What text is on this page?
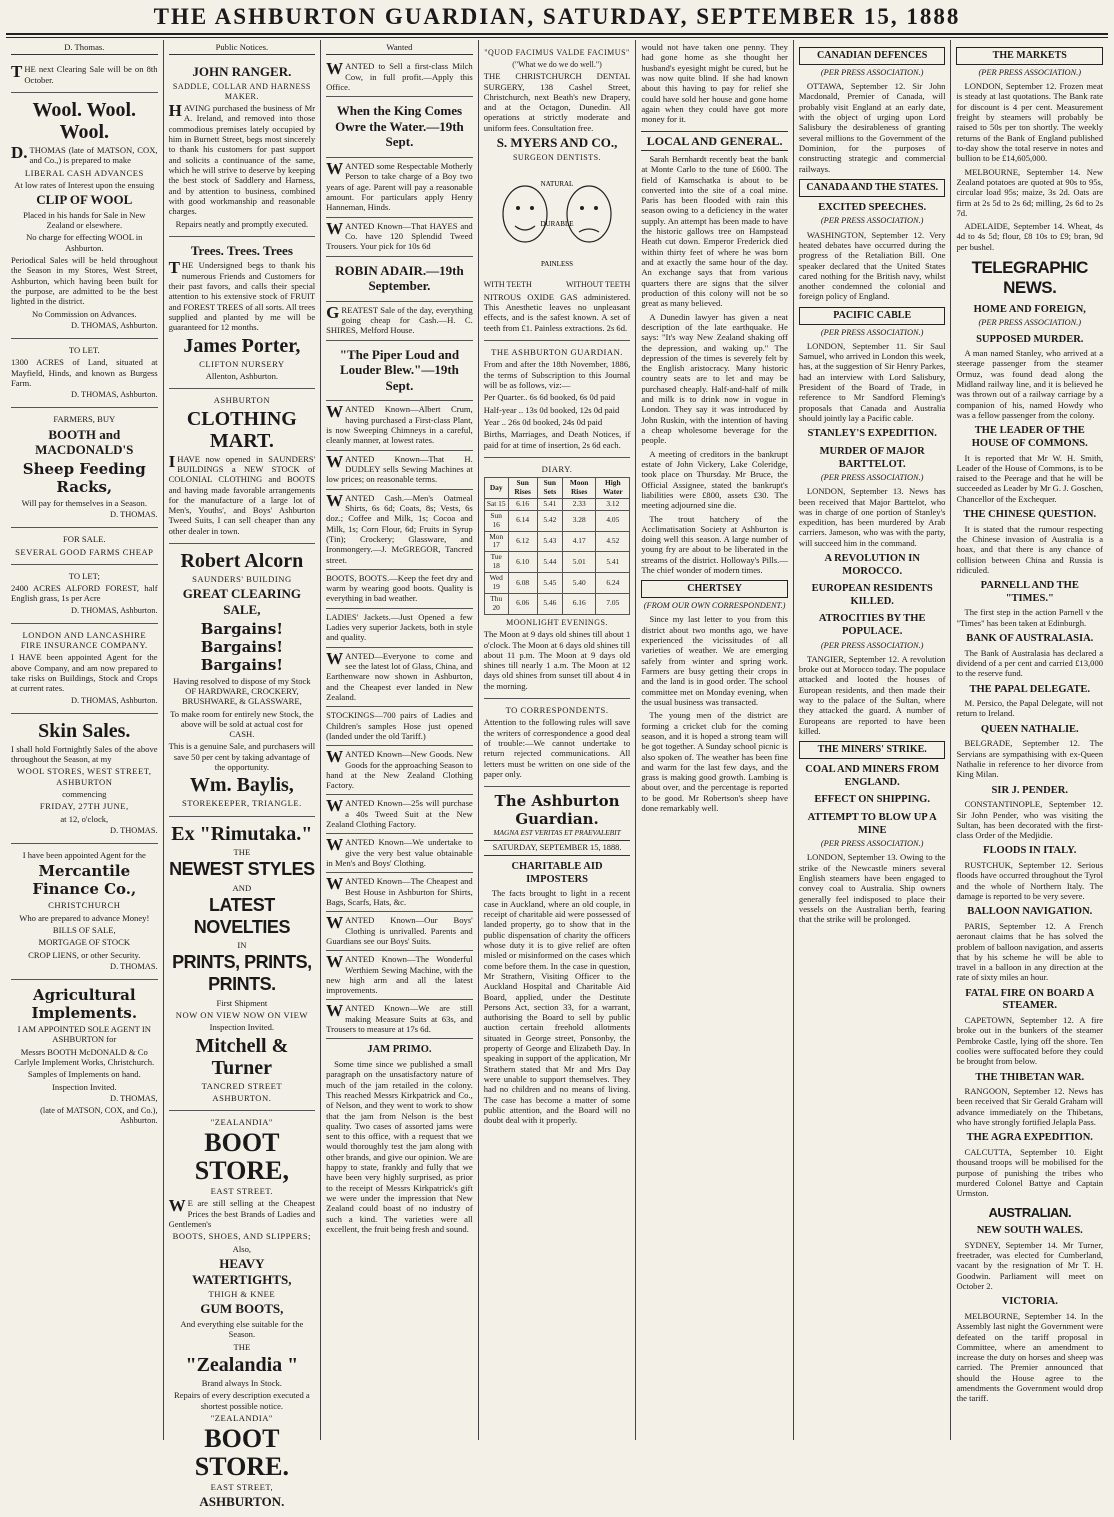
THE ASHBURTON GUARDIAN, SATURDAY, SEPTEMBER 15, 1888
D. Thomas.

THE next Clearing Sale will be on 8th October.

Wool. Wool. Wool.

D.THOMAS (late of MATSON, COX, and Co.,) is prepared to make

LIBERAL CASH ADVANCES

At low rates of Interest upon the ensuing

CLIP OF WOOL

Placed in his hands for Sale in New Zealand or elsewhere.

No charge for effecting WOOL in Ashburton.

Periodical Sales will be held throughout the Season in my Stores, West Street, Ashburton, which having been built for the purpose, are admitted to be the best lighted in the district.

No Commission on Advances.

D. THOMAS, Ashburton.

TO LET.

1300 ACRES of Land, situated at Mayfield, Hinds, and known as Burgess Farm.

D. THOMAS, Ashburton.

FARMERS, BUY

BOOTH and MACDONALD'S

Sheep Feeding Racks,

Will pay for themselves in a Season.

D. THOMAS.

FOR SALE.

SEVERAL GOOD FARMS CHEAP

TO LET;

2400 ACRES ALFORD FOREST, half English grass, 1s per Acre

D. THOMAS, Ashburton.

LONDON AND LANCASHIRE FIRE INSURANCE COMPANY.

I HAVE been appointed Agent for the above Company, and am now prepared to take risks on Buildings, Stock and Crops at current rates.

D. THOMAS, Ashburton.

Skin Sales.

I shall hold Fortnightly Sales of the above throughout the Season, at my

WOOL STORES, WEST STREET, ASHBURTON

commencing

FRIDAY, 27TH JUNE,

at 12, o'clock,

D. THOMAS.

I have been appointed Agent for the

Mercantile Finance Co.,

CHRISTCHURCH

Who are prepared to advance Money!

BILLS OF SALE,

MORTGAGE OF STOCK

CROP LIENS, or other Security.

D. THOMAS.

Agricultural Implements.

I AM APPOINTED SOLE AGENT IN ASHBURTON for

Messrs BOOTH McDONALD & Co Carlyle Implement Works, Christchurch.

Samples of Implements on hand.

Inspection Invited.

D. THOMAS,

(late of MATSON, COX, and Co.), Ashburton.

Public Notices.

JOHN RANGER.

SADDLE, COLLAR AND HARNESS MAKER.

HAVING purchased the business of Mr A. Ireland, and removed into those commodious premises lately occupied by him in Burnett Street, begs most sincerely to thank his customers for past support and solicits a continuance of the same, which he will strive to deserve by keeping the best stock of Saddlery and Harness, and by attention to business, combined with good workmanship and reasonable charges.

Repairs neatly and promptly executed.

Trees. Trees. Trees

THE Undersigned begs to thank his numerous Friends and Customers for their past favors, and calls their special attention to his extensive stock of FRUIT and FOREST TREES of all sorts. All trees supplied and planted by me will be guaranteed for 12 months.

James Porter,

CLIFTON NURSERY

Allenton, Ashburton.

ASHBURTON

CLOTHING MART.

IHAVE now opened in SAUNDERS' BUILDINGS a NEW STOCK of COLONIAL CLOTHING and BOOTS and having made favorable arrangements for the manufacture of a large lot of Men's, Youths', and Boys' Ashburton Tweed Suits, I can sell cheaper than any other dealer in town.

Robert Alcorn

SAUNDERS' BUILDING

GREAT CLEARING SALE,

Bargains! Bargains! Bargains!

Having resolved to dispose of my Stock OF HARDWARE, CROCKERY, BRUSHWARE, & GLASSWARE,

To make room for entirely new Stock, the above will be sold at actual cost for CASH.

This is a genuine Sale, and purchasers will save 50 per cent by taking advantage of the opportunity.

Wm. Baylis,

STOREKEEPER, TRIANGLE.

Ex "Rimutaka."

THE

NEWEST STYLES

AND

LATEST NOVELTIES

IN

PRINTS, PRINTS, PRINTS.

First Shipment

NOW ON VIEW NOW ON VIEW

Inspection Invited.

Mitchell & Turner

TANCRED STREET

ASHBURTON.

"ZEALANDIA"

BOOT STORE,

EAST STREET.

WE are still selling at the Cheapest Prices the best Brands of Ladies and Gentlemen's

BOOTS, SHOES, AND SLIPPERS;

Also,

HEAVY WATERTIGHTS,

THIGH & KNEE

GUM BOOTS,

And everything else suitable for the Season.

THE

"Zealandia "

Brand always In Stock.

Repairs of every description executed a shortest possible notice.

"ZEALANDIA"

BOOT STORE.

EAST STREET,

ASHBURTON.

Wanted

WANTED to Sell a first-class Milch Cow, in full profit.—Apply this Office.

When the King Comes Owre the Water.—19th Sept.

WANTED some Respectable Motherly Person to take charge of a Boy two years of age. Parent will pay a reasonable amount. For particulars apply Henry Hanneman, Hinds.

WANTED Known—That HAYES and Co. have 120 Splendid Tweed Trousers. Your pick for 10s 6d

ROBIN ADAIR.—19th September.

GREATEST Sale of the day, everything going cheap for Cash.—H. C. SHIRES, Melford House.

"The Piper Loud and Louder Blew."—19th Sept.

WANTED Known—Albert Crum, having purchased a First-class Plant, is now Sweeping Chimneys in a careful, cleanly manner, at lowest rates.

WANTED Known—That H. DUDLEY sells Sewing Machines at low prices; on reasonable terms.

WANTED Cash.—Men's Oatmeal Shirts, 6s 6d; Coats, 8s; Vests, 6s doz.; Coffee and Milk, 1s; Cocoa and Milk, 1s; Corn Flour, 6d; Fruits in Syrup (Tin); Crockery; Glassware, and Ironmongery.—J. McGREGOR, Tancred street.

BOOTS, BOOTS.—Keep the feet dry and warm by wearing good boots. Quality is everything in bad weather.

LADIES' Jackets.—Just Opened a few Ladies very superior Jackets, both in style and quality.

WANTED—Everyone to come and see the latest lot of Glass, China, and Earthenware now shown in Ashburton, and the Cheapest ever landed in New Zealand.

STOCKINGS—700 pairs of Ladies and Children's samples Hose just opened (landed under the old Tariff.)

WANTED Known—New Goods. New Goods for the approaching Season to hand at the New Zealand Clothing Factory.

WANTED Known—25s will purchase a 40s Tweed Suit at the New Zealand Clothing Factory.

WANTED Known—We undertake to give the very best value obtainable in Men's and Boys' Clothing.

WANTED Known—The Cheapest and Best House in Ashburton for Shirts, Bags, Scarfs, Hats, &c.

WANTED Known—Our Boys' Clothing is unrivalled. Parents and Guardians see our Boys' Suits.

WANTED Known—The Wonderful Werthiem Sewing Machine, with the new high arm and all the latest improvements.

WANTED Known—We are still making Measure Suits at 63s, and Trousers to measure at 17s 6d.

JAM PRIMO.

Some time since we published a small paragraph on the unsatisfactory nature of much of the jam retailed in the colony. This reached Messrs Kirkpatrick and Co., of Nelson, and they went to work to show that the jam from Nelson is the best quality. Two cases of assorted jams were sent to this office, with a request that we would thoroughly test the jam along with other brands, and give our opinion. We are happy to state, frankly and fully that we have been very highly surprised, as prior to the receipt of Messrs Kirkpatrick's gift we were under the impression that New Zealand could boast of no industry of such a kind. The varieties were all excellent, the fruit being fresh and sound.

"QUOD FACIMUS VALDE FACIMUS"

("What we do we do well.")

THE CHRISTCHURCH DENTAL SURGERY, 138 Cashel Street, Christchurch, next Beath's new Drapery, and at the Octagon, Dunedin. All operations at strictly moderate and uniform fees. Consultation free.

S. MYERS AND CO.,

SURGEON DENTISTS.

NATURAL
DURABLE
PAINLESS
WITH TEETH	WITHOUT TEETH

NITROUS OXIDE GAS administered. This Anesthetic leaves no unpleasant effects, and is the safest known. A set of teeth from £1. Painless extractions. 2s 6d.

THE ASHBURTON GUARDIAN.

From and after the 18th November, 1886, the terms of Subscription to this Journal will be as follows, viz:—

Per Quarter.. 6s 6d booked, 6s 0d paid

Half-year .. 13s 0d booked, 12s 0d paid

Year .. 26s 0d booked, 24s 0d paid

Births, Marriages, and Death Notices, if paid for at time of insertion, 2s 6d each.

DIARY.

Day	Sun Rises	Sun Sets	Moon Rises	High Water
Sat 15	6.16	5.41	2.33	3.12
Sun 16	6.14	5.42	3.28	4.05
Mon 17	6.12	5.43	4.17	4.52
Tue 18	6.10	5.44	5.01	5.41
Wed 19	6.08	5.45	5.40	6.24
Thu 20	6.06	5.46	6.16	7.05

MOONLIGHT EVENINGS.

The Moon at 9 days old shines till about 1 o'clock. The Moon at 6 days old shines till about 11 p.m. The Moon at 9 days old shines till nearly 1 a.m. The Moon at 12 days old shines from sunset till about 4 in the morning.

TO CORRESPONDENTS.

Attention to the following rules will save the writers of correspondence a good deal of trouble:—We cannot undertake to return rejected communications. All letters must be written on one side of the paper only.

The Ashburton Guardian.

MAGNA EST VERITAS ET PRAEVALEBIT

SATURDAY, SEPTEMBER 15, 1888.

CHARITABLE AID IMPOSTERS

The facts brought to light in a recent case in Auckland, where an old couple, in receipt of charitable aid were possessed of landed property, go to show that in the public dispensation of charity the officers whose duty it is to give relief are often misled or misinformed on the cases which come before them. In the case in question, Mr Strathern, Visiting Officer to the Auckland Hospital and Charitable Aid Board, applied, under the Destitute Persons Act, section 33, for a warrant, authorising the Board to sell by public auction certain freehold allotments situated in George street, Ponsonby, the property of George and Elizabeth Day. In speaking in support of the application, Mr Strathern stated that Mr and Mrs Day were unable to support themselves. They had no children and no means of living. The case has become a matter of some public attention, and the Board will no doubt deal with it properly.

would not have taken one penny. They had gone home as she thought her husband's eyesight might be cured, but he was now quite blind. If she had known about this having to pay for relief she could have sold her house and gone home again when they could have got more money for it.

LOCAL AND GENERAL.

Sarah Bernhardt recently beat the bank at Monte Carlo to the tune of £600. The field of Kamschatka is about to be converted into the site of a coal mine. Paris has been flooded with rain this season owing to a deficiency in the water supply. An attempt has been made to have the historic gallows tree on Hampstead Heath cut down. Emperor Frederick died within thirty feet of where he was born and at exactly the same hour of the day. An exchange says that from various quarters there are signs that the silver production of this colony will not be so great as many believed.

A Dunedin lawyer has given a neat description of the late earthquake. He says: "It's way New Zealand shaking off the depression, and waking up." The depression of the times is severely felt by the English aristocracy. Many historic country seats are to let and may be purchased cheaply. Half-and-half of milk and milk is to drink now in vogue in London. They say it was introduced by John Ruskin, with the intention of having a cheap wholesome beverage for the people.

A meeting of creditors in the bankrupt estate of John Vickery, Lake Coleridge, took place on Thursday. Mr Bruce, the Official Assignee, stated the bankrupt's liabilities were £800, assets £30. The meeting adjourned sine die.

The trout hatchery of the Acclimatisation Society at Ashburton is doing well this season. A large number of young fry are about to be liberated in the streams of the district. Holloway's Pills.—The chief wonder of modern times.

CHERTSEY

(FROM OUR OWN CORRESPONDENT.)

Since my last letter to you from this district about two months ago, we have experienced the vicissitudes of all varieties of weather. We are emerging safely from winter and spring work. Farmers are busy getting their crops in and the land is in good order. The school committee met on Monday evening, when the usual business was transacted.

The young men of the district are forming a cricket club for the coming season, and it is hoped a strong team will be got together. A Sunday school picnic is also spoken of. The weather has been fine and warm for the last few days, and the grass is making good growth. Lambing is about over, and the percentage is reported to be good. Mr Robertson's sheep have done remarkably well.

CANADIAN DEFENCES

(PER PRESS ASSOCIATION.)

OTTAWA, September 12. Sir John Macdonald, Premier of Canada, will probably visit England at an early date, with the object of urging upon Lord Salisbury the desirableness of granting several millions to the Government of the Dominion, for the purposes of constructing strategic and commercial railways.

CANADA AND THE STATES.

EXCITED SPEECHES.

(PER PRESS ASSOCIATION.)

WASHINGTON, September 12. Very heated debates have occurred during the progress of the Retaliation Bill. One speaker declared that the United States cared nothing for the British navy, whilst another condemned the colonial and foreign policy of England.

PACIFIC CABLE

(PER PRESS ASSOCIATION.)

LONDON, September 11. Sir Saul Samuel, who arrived in London this week, has, at the suggestion of Sir Henry Parkes, had an interview with Lord Salisbury, President of the Board of Trade, in reference to Mr Sandford Fleming's proposals that Canada and Australia should jointly lay a Pacific cable.

STANLEY'S EXPEDITION.

MURDER OF MAJOR BARTTELOT.

(PER PRESS ASSOCIATION.)

LONDON, September 13. News has been received that Major Barttelot, who was in charge of one portion of Stanley's expedition, has been murdered by Arab carriers. Jameson, who was with the party, will succeed him in the command.

A REVOLUTION IN MOROCCO.

EUROPEAN RESIDENTS KILLED.

ATROCITIES BY THE POPULACE.

(PER PRESS ASSOCIATION.)

TANGIER, September 12. A revolution broke out at Morocco today. The populace attacked and looted the houses of European residents, and then made their way to the palace of the Sultan, where they attacked the guard. A number of Europeans are reported to have been killed.

THE MINERS' STRIKE.

COAL AND MINERS FROM ENGLAND.

EFFECT ON SHIPPING.

ATTEMPT TO BLOW UP A MINE

(PER PRESS ASSOCIATION.)

LONDON, September 13. Owing to the strike of the Newcastle miners several English steamers have been engaged to convey coal to Australia. Ship owners generally feel indisposed to place their vessels on the Australian berth, fearing that the strike will be prolonged.

THE MARKETS

(PER PRESS ASSOCIATION.)

LONDON, September 12. Frozen meat is steady at last quotations. The Bank rate for discount is 4 per cent. Measurement freight by steamers will probably be raised to 50s per ton shortly. The weekly returns of the Bank of England published to-day show the total reserve in notes and bullion to be £14,605,000.

MELBOURNE, September 14. New Zealand potatoes are quoted at 90s to 95s, circular load 95s; maize, 3s 2d. Oats are firm at 2s 5d to 2s 6d; milling, 2s 6d to 2s 7d.

ADELAIDE, September 14. Wheat, 4s 4d to 4s 5d; flour, £8 10s to £9; bran, 9d per bushel.

TELEGRAPHIC NEWS.

HOME AND FOREIGN,

(PER PRESS ASSOCIATION.)

SUPPOSED MURDER.

A man named Stanley, who arrived at a steerage passenger from the steamer Ormuz, was found dead along the Midland railway line, and it is believed he was thrown out of a railway carriage by a companion of his, named Howdy who was a fellow passenger from the colony.

THE LEADER OF THE HOUSE OF COMMONS.

It is reported that Mr W. H. Smith, Leader of the House of Commons, is to be raised to the Peerage and that he will be succeeded as Leader by Mr G. J. Goschen, Chancellor of the Exchequer.

THE CHINESE QUESTION.

It is stated that the rumour respecting the Chinese invasion of Australia is a hoax, and that there is any chance of collision between China and Russia is ridiculed.

PARNELL AND THE "TIMES."

The first step in the action Parnell v the "Times" has been taken at Edinburgh.

BANK OF AUSTRALASIA.

The Bank of Australasia has declared a dividend of a per cent and carried £13,000 to the reserve fund.

THE PAPAL DELEGATE.

M. Persico, the Papal Delegate, will not return to Ireland.

QUEEN NATHALIE.

BELGRADE, September 12. The Servians are sympathising with ex-Queen Nathalie in reference to her divorce from King Milan.

SIR J. PENDER.

CONSTANTINOPLE, September 12. Sir John Pender, who was visiting the Sultan, has been decorated with the first-class Order of the Medjidie.

FLOODS IN ITALY.

RUSTCHUK, September 12. Serious floods have occurred throughout the Tyrol and the whole of Northern Italy. The damage is reported to be very severe.

BALLOON NAVIGATION.

PARIS, September 12. A French aeronaut claims that he has solved the problem of balloon navigation, and asserts that by his scheme he will be able to travel in a balloon in any direction at the rate of sixty miles an hour.

FATAL FIRE ON BOARD A STEAMER.

CAPETOWN, September 12. A fire broke out in the bunkers of the steamer Pembroke Castle, lying off the shore. Ten coolies were suffocated before they could be brought from below.

THE THIBETAN WAR.

RANGOON, September 12. News has been received that Sir Gerald Graham will advance immediately on the Thibetans, who have strongly fortified Jelapla Pass.

THE AGRA EXPEDITION.

CALCUTTA, September 10. Eight thousand troops will be mobilised for the purpose of punishing the tribes who murdered Colonel Battye and Captain Urmston.

AUSTRALIAN.

NEW SOUTH WALES.

SYDNEY, September 14. Mr Turner, freetrader, was elected for Cumberland, vacant by the resignation of Mr T. H. Goodwin. Parliament will meet on October 2.

VICTORIA.

MELBOURNE, September 14. In the Assembly last night the Government were defeated on the tariff proposal in Committee, where an amendment to increase the duty on horses and sheep was carried. The Premier announced that should the House agree to the amendments the Government would drop the tariff.
